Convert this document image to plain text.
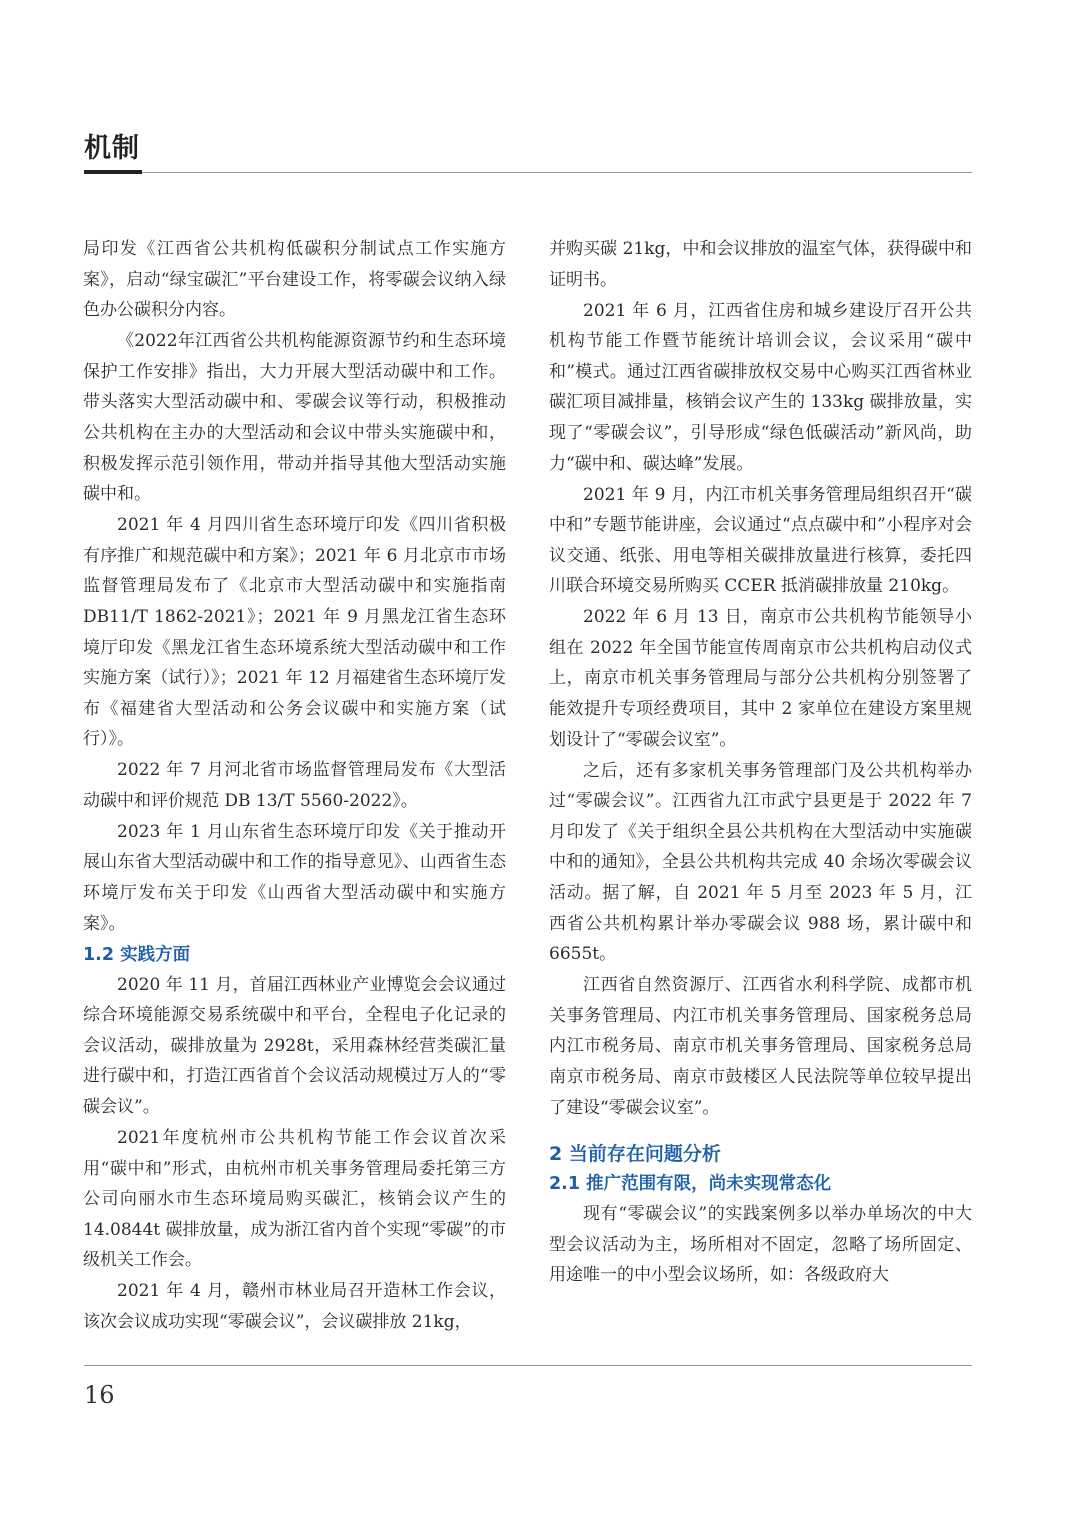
机制

局印发《江西省公共机构低碳积分制试点工作实施方案》，启动“绿宝碳汇”平台建设工作，将零碳会议纳入绿色办公碳积分内容。

《2022年江西省公共机构能源资源节约和生态环境保护工作安排》指出，大力开展大型活动碳中和工作。带头落实大型活动碳中和、零碳会议等行动，积极推动公共机构在主办的大型活动和会议中带头实施碳中和，积极发挥示范引领作用，带动并指导其他大型活动实施碳中和。

2021 年 4 月四川省生态环境厅印发《四川省积极有序推广和规范碳中和方案》；2021 年 6 月北京市市场监督管理局发布了《北京市大型活动碳中和实施指南 DB11/T 1862-2021》；2021 年 9 月黑龙江省生态环境厅印发《黑龙江省生态环境系统大型活动碳中和工作实施方案（试行）》；2021 年 12 月福建省生态环境厅发布《福建省大型活动和公务会议碳中和实施方案（试行）》。

2022 年 7 月河北省市场监督管理局发布《大型活动碳中和评价规范 DB 13/T 5560-2022》。

2023 年 1 月山东省生态环境厅印发《关于推动开展山东省大型活动碳中和工作的指导意见》、山西省生态环境厅发布关于印发《山西省大型活动碳中和实施方案》。

1.2 实践方面

2020 年 11 月，首届江西林业产业博览会会议通过综合环境能源交易系统碳中和平台，全程电子化记录的会议活动，碳排放量为 2928t，采用森林经营类碳汇量进行碳中和，打造江西省首个会议活动规模过万人的“零碳会议”。

2021年度杭州市公共机构节能工作会议首次采用“碳中和”形式，由杭州市机关事务管理局委托第三方公司向丽水市生态环境局购买碳汇，核销会议产生的 14.0844t 碳排放量，成为浙江省内首个实现“零碳”的市级机关工作会。

2021 年 4 月，赣州市林业局召开造林工作会议，该次会议成功实现“零碳会议”，会议碳排放 21kg，

并购买碳 21kg，中和会议排放的温室气体，获得碳中和证明书。

2021 年 6 月，江西省住房和城乡建设厅召开公共机构节能工作暨节能统计培训会议，会议采用“碳中和”模式。通过江西省碳排放权交易中心购买江西省林业碳汇项目减排量，核销会议产生的 133kg 碳排放量，实现了“零碳会议”，引导形成“绿色低碳活动”新风尚，助力“碳中和、碳达峰”发展。

2021 年 9 月，内江市机关事务管理局组织召开“碳中和”专题节能讲座，会议通过“点点碳中和”小程序对会议交通、纸张、用电等相关碳排放量进行核算，委托四川联合环境交易所购买 CCER 抵消碳排放量 210kg。

2022 年 6 月 13 日，南京市公共机构节能领导小组在 2022 年全国节能宣传周南京市公共机构启动仪式上，南京市机关事务管理局与部分公共机构分别签署了能效提升专项经费项目，其中 2 家单位在建设方案里规划设计了“零碳会议室”。

之后，还有多家机关事务管理部门及公共机构举办过“零碳会议”。江西省九江市武宁县更是于 2022 年 7 月印发了《关于组织全县公共机构在大型活动中实施碳中和的通知》，全县公共机构共完成 40 余场次零碳会议活动。据了解，自 2021 年 5 月至 2023 年 5 月，江西省公共机构累计举办零碳会议 988 场，累计碳中和 6655t。

江西省自然资源厅、江西省水利科学院、成都市机关事务管理局、内江市机关事务管理局、国家税务总局内江市税务局、南京市机关事务管理局、国家税务总局南京市税务局、南京市鼓楼区人民法院等单位较早提出了建设“零碳会议室”。

2 当前存在问题分析
2.1 推广范围有限，尚未实现常态化

现有“零碳会议”的实践案例多以举办单场次的中大型会议活动为主，场所相对不固定，忽略了场所固定、用途唯一的中小型会议场所，如：各级政府大

16
